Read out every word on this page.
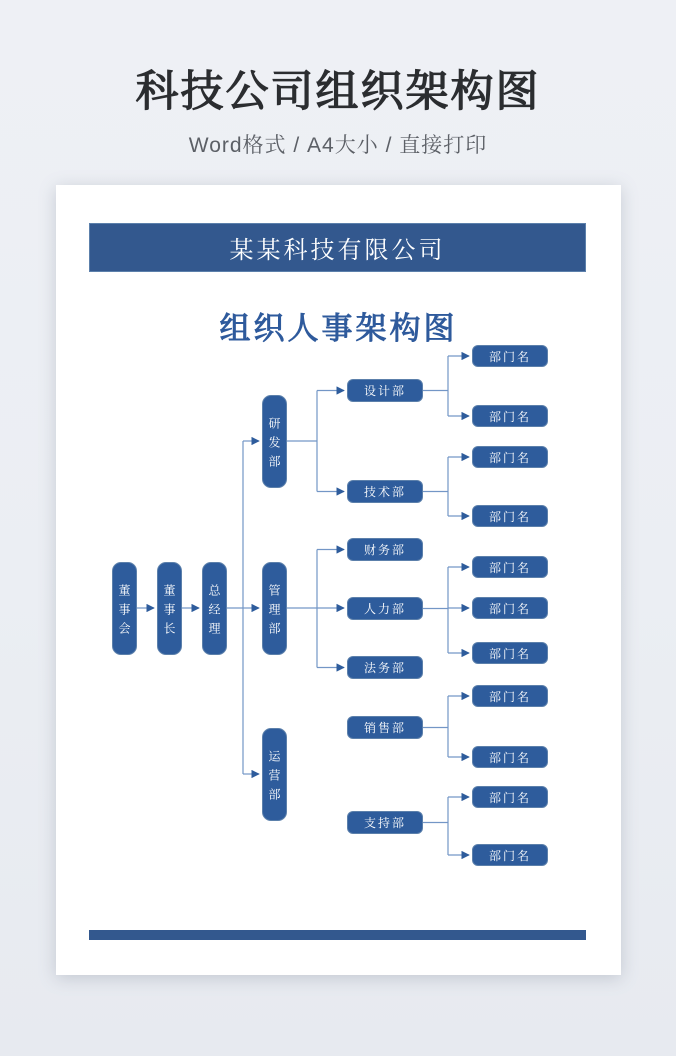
科技公司组织架构图

Word格式 / A4大小 / 直接打印

某某科技有限公司
组织人事架构图
董事会	董事长	总经理
研发部
管理部
运营部
设计部
技术部
财务部
人力部
法务部
销售部
支持部
部门名
部门名
部门名
部门名
部门名
部门名
部门名
部门名
部门名
部门名
部门名
